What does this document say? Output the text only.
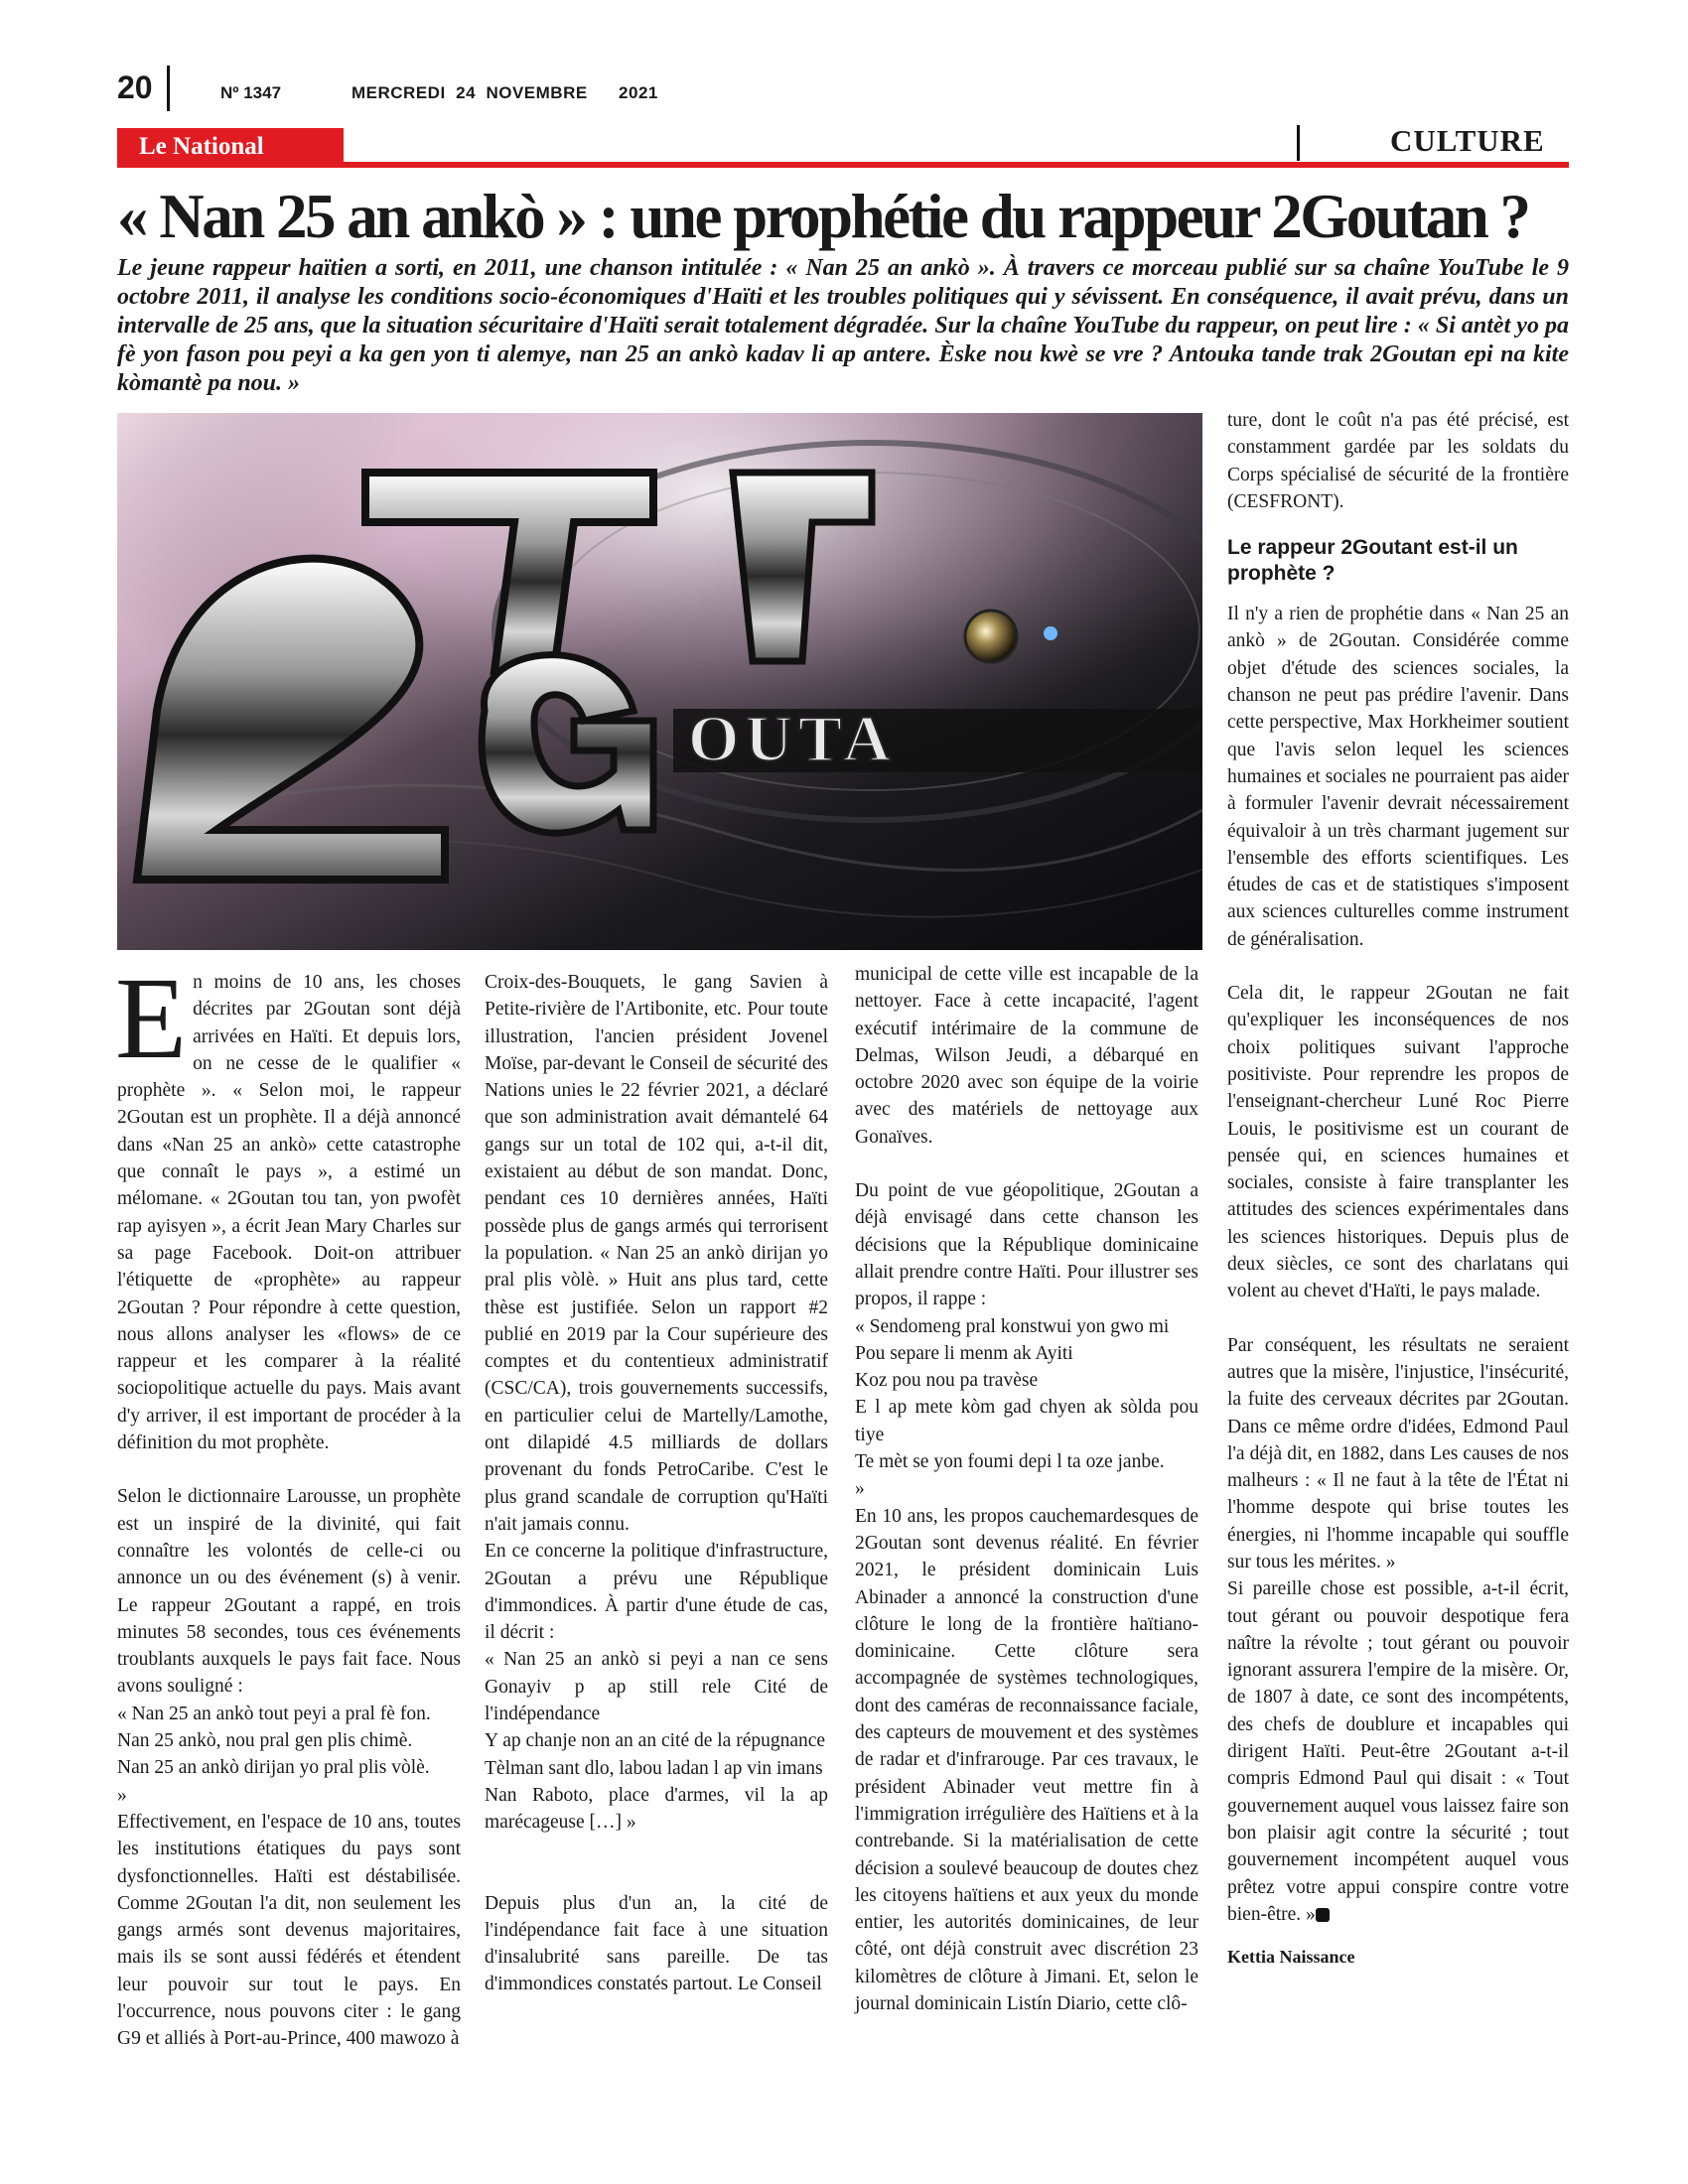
20	Nº 1347	MERCREDI  24  NOVEMBRE      2021
Le National	CULTURE
« Nan 25 an ankò » : une prophétie du rappeur 2Goutan ?
Le jeune rappeur haïtien a sorti, en 2011, une chanson intitulée : « Nan 25 an ankò ». À travers ce morceau publié sur sa chaîne YouTube le 9 octobre 2011, il analyse les conditions socio-économiques d'Haïti et les troubles politiques qui y sévissent. En conséquence, il avait prévu, dans un intervalle de 25 ans, que la situation sécuritaire d'Haïti serait totalement dégradée. Sur la chaîne YouTube du rappeur, on peut lire : « Si antèt yo pa fè yon fason pou peyi a ka gen yon ti alemye, nan 25 an ankò kadav li ap antere. Èske nou kwè se vre ? Antouka tande trak 2Goutan epi na kite kòmantè pa nou. »
OUTA

En moins de 10 ans, les choses décrites par 2Goutan sont déjà arrivées en Haïti. Et depuis lors, on ne cesse de le qualifier « prophète ». « Selon moi, le rappeur 2Goutan est un prophète. Il a déjà annoncé dans «Nan 25 an ankò» cette catastrophe que connaît le pays », a estimé un mélomane. « 2Goutan tou tan, yon pwofèt rap ayisyen », a écrit Jean Mary Charles sur sa page Facebook. Doit-on attribuer l'étiquette de «prophète» au rappeur 2Goutan ? Pour répondre à cette question, nous allons analyser les «flows» de ce rappeur et les comparer à la réalité sociopolitique actuelle du pays. Mais avant d'y arriver, il est important de procéder à la définition du mot prophète.

Selon le dictionnaire Larousse, un prophète est un inspiré de la divinité, qui fait connaître les volontés de celle-ci ou annonce un ou des événement (s) à venir. Le rappeur 2Goutant a rappé, en trois minutes 58 secondes, tous ces événements troublants auxquels le pays fait face. Nous avons souligné :

« Nan 25 an ankò tout peyi a pral fè fon.

Nan 25 ankò, nou pral gen plis chimè.

Nan 25 an ankò dirijan yo pral plis vòlè.

»

Effectivement, en l'espace de 10 ans, toutes les institutions étatiques du pays sont dysfonctionnelles. Haïti est déstabilisée. Comme 2Goutan l'a dit, non seulement les gangs armés sont devenus majoritaires, mais ils se sont aussi fédérés et étendent leur pouvoir sur tout le pays. En l'occurrence, nous pouvons citer : le gang G9 et alliés à Port-au-Prince, 400 mawozo à

Croix-des-Bouquets, le gang Savien à Petite-rivière de l'Artibonite, etc. Pour toute illustration, l'ancien président Jovenel Moïse, par-devant le Conseil de sécurité des Nations unies le 22 février 2021, a déclaré que son administration avait démantelé 64 gangs sur un total de 102 qui, a-t-il dit, existaient au début de son mandat. Donc, pendant ces 10 dernières années, Haïti possède plus de gangs armés qui terrorisent la population. « Nan 25 an ankò dirijan yo pral plis vòlè. » Huit ans plus tard, cette thèse est justifiée. Selon un rapport #2 publié en 2019 par la Cour supérieure des comptes et du contentieux administratif (CSC/CA), trois gouvernements successifs, en particulier celui de Martelly/Lamothe, ont dilapidé 4.5 milliards de dollars provenant du fonds PetroCaribe. C'est le plus grand scandale de corruption qu'Haïti n'ait jamais connu.

En ce concerne la politique d'infrastructure, 2Goutan a prévu une République d'immondices. À partir d'une étude de cas, il décrit :

« Nan 25 an ankò si peyi a nan ce sens Gonayiv p ap still rele Cité de l'indépendance

Y ap chanje non an an cité de la répugnance

Tèlman sant dlo, labou ladan l ap vin imans

Nan Raboto, place d'armes, vil la ap marécageuse […] »

Depuis plus d'un an, la cité de l'indépendance fait face à une situation d'insalubrité sans pareille. De tas d'immondices constatés partout. Le Conseil

municipal de cette ville est incapable de la nettoyer. Face à cette incapacité, l'agent exécutif intérimaire de la commune de Delmas, Wilson Jeudi, a débarqué en octobre 2020 avec son équipe de la voirie avec des matériels de nettoyage aux Gonaïves.

Du point de vue géopolitique, 2Goutan a déjà envisagé dans cette chanson les décisions que la République dominicaine allait prendre contre Haïti. Pour illustrer ses propos, il rappe :

« Sendomeng pral konstwui yon gwo mi

Pou separe li menm ak Ayiti

Koz pou nou pa travèse

E l ap mete kòm gad chyen ak sòlda pou tiye

Te mèt se yon foumi depi l ta oze janbe.

»

En 10 ans, les propos cauchemardesques de 2Goutan sont devenus réalité. En février 2021, le président dominicain Luis Abinader a annoncé la construction d'une clôture le long de la frontière haïtiano-dominicaine. Cette clôture sera accompagnée de systèmes technologiques, dont des caméras de reconnaissance faciale, des capteurs de mouvement et des systèmes de radar et d'infrarouge. Par ces travaux, le président Abinader veut mettre fin à l'immigration irrégulière des Haïtiens et à la contrebande. Si la matérialisation de cette décision a soulevé beaucoup de doutes chez les citoyens haïtiens et aux yeux du monde entier, les autorités dominicaines, de leur côté, ont déjà construit avec discrétion 23 kilomètres de clôture à Jimani. Et, selon le journal dominicain Listín Diario, cette clô-

ture, dont le coût n'a pas été précisé, est constamment gardée par les soldats du Corps spécialisé de sécurité de la frontière (CESFRONT).

Le rappeur 2Goutant est-il un prophète ?

Il n'y a rien de prophétie dans « Nan 25 an ankò » de 2Goutan. Considérée comme objet d'étude des sciences sociales, la chanson ne peut pas prédire l'avenir. Dans cette perspective, Max Horkheimer soutient que l'avis selon lequel les sciences humaines et sociales ne pourraient pas aider à formuler l'avenir devrait nécessairement équivaloir à un très charmant jugement sur l'ensemble des efforts scientifiques. Les études de cas et de statistiques s'imposent aux sciences culturelles comme instrument de généralisation.

Cela dit, le rappeur 2Goutan ne fait qu'expliquer les inconséquences de nos choix politiques suivant l'approche positiviste. Pour reprendre les propos de l'enseignant-chercheur Luné Roc Pierre Louis, le positivisme est un courant de pensée qui, en sciences humaines et sociales, consiste à faire transplanter les attitudes des sciences expérimentales dans les sciences historiques. Depuis plus de deux siècles, ce sont des charlatans qui volent au chevet d'Haïti, le pays malade.

Par conséquent, les résultats ne seraient autres que la misère, l'injustice, l'insécurité, la fuite des cerveaux décrites par 2Goutan. Dans ce même ordre d'idées, Edmond Paul l'a déjà dit, en 1882, dans Les causes de nos malheurs : « Il ne faut à la tête de l'État ni l'homme despote qui brise toutes les énergies, ni l'homme incapable qui souffle sur tous les mérites. »

Si pareille chose est possible, a-t-il écrit, tout gérant ou pouvoir despotique fera naître la révolte ; tout gérant ou pouvoir ignorant assurera l'empire de la misère. Or, de 1807 à date, ce sont des incompétents, des chefs de doublure et incapables qui dirigent Haïti. Peut-être 2Goutant a-t-il compris Edmond Paul qui disait : « Tout gouvernement auquel vous laissez faire son bon plaisir agit contre la sécurité ; tout gouvernement incompétent auquel vous prêtez votre appui conspire contre votre bien-être. »

Kettia Naissance
